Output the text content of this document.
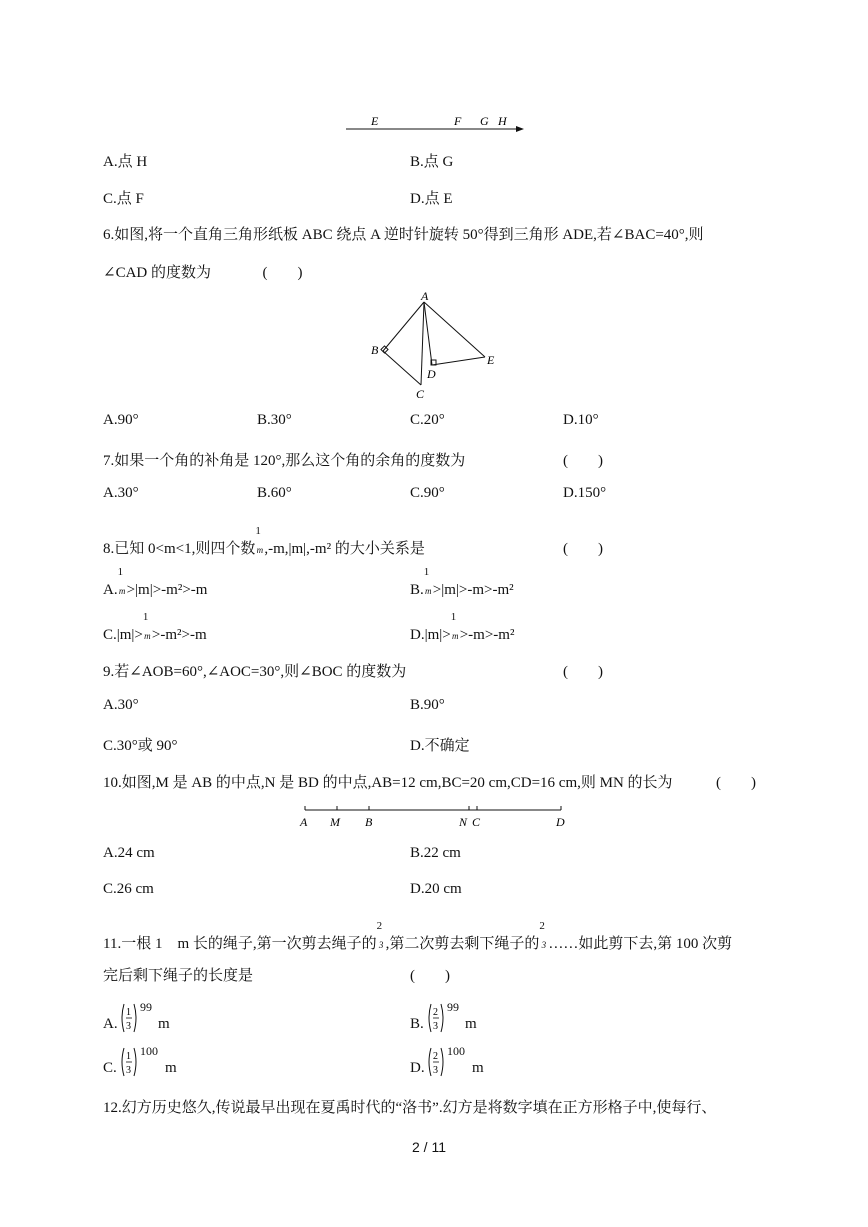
E	F G H
A.点 H	B.点 G
C.点 F	D.点 E
6.如图,将一个直角三角形纸板 ABC 绕点 A 逆时针旋转 50°得到三角形 ADE,若∠BAC=40°,则
∠CAD 的度数为	(　　)
A
B
C
D
E
A.90°	B.30°	C.20°	D.10°
7.如果一个角的补角是 120°,那么这个角的余角的度数为	(　　)
A.30°	B.60°	C.90°	D.150°
8.已知 0<m<1,则四个数
1
m,-m,|m|,-m² 的大小关系是	(　　)
A.
1
m>|m|>-m²>-m	B.
1
m>|m|>-m>-m²
C.|m|>
1
m>-m²>-m	D.|m|>
1
m>-m>-m²
9.若∠AOB=60°,∠AOC=30°,则∠BOC 的度数为	(　　)
A.30°	B.90°
C.30°或 90°	D.不确定
10.如图,M 是 AB 的中点,N 是 BD 的中点,AB=12 cm,BC=20 cm,CD=16 cm,则 MN 的长为	(　　)
A M B	N C	D
A.24 cm	B.22 cm
C.26 cm	D.20 cm
11.一根 1　m 长的绳子,第一次剪去绳子的
2
3 ,第二次剪去剩下绳子的
2
3 ……如此剪下去,第 100 次剪
完后剩下绳子的长度是	(　　)
A.
1
3
99
m	B.
2
3
99
m
C.
1
3
100
m	D.
2
3
100
m
12.幻方历史悠久,传说最早出现在夏禹时代的“洛书”.幻方是将数字填在正方形格子中,使每行、
2 / 11
